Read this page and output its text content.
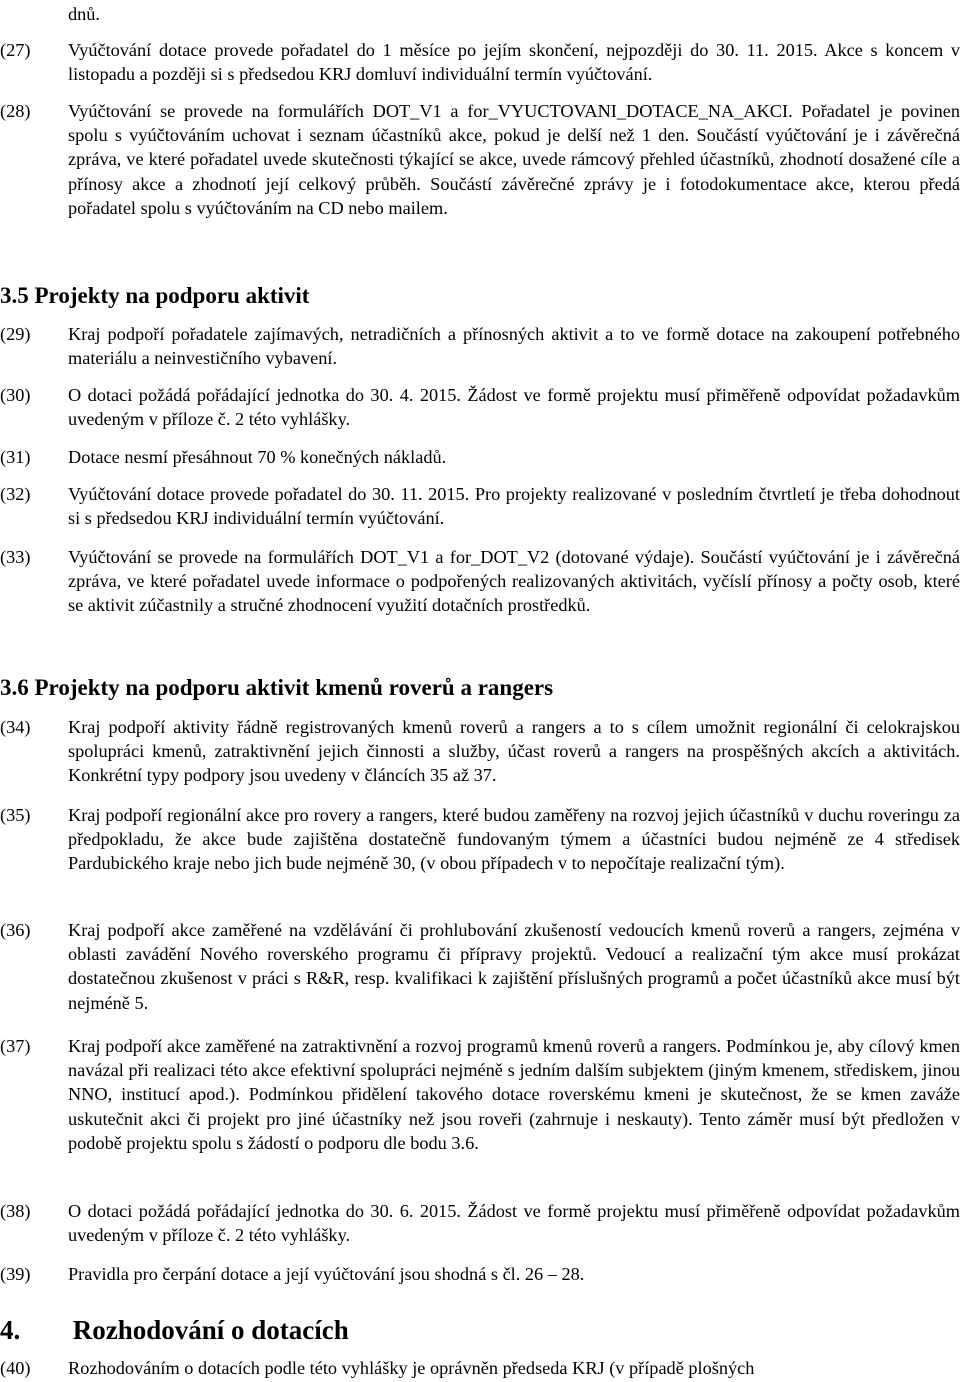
dnů.

(27) Vyúčtování dotace provede pořadatel do 1 měsíce po jejím skončení, nejpozději do 30. 11. 2015. Akce s koncem v listopadu a později si s předsedou KRJ domluví individuální termín vyúčtování.

(28) Vyúčtování se provede na formulářích DOT_V1 a for_VYUCTOVANI_DOTACE_NA_AKCI. Pořadatel je povinen spolu s vyúčtováním uchovat i seznam účastníků akce, pokud je delší než 1 den. Součástí vyúčtování je i závěrečná zpráva, ve které pořadatel uvede skutečnosti týkající se akce, uvede rámcový přehled účastníků, zhodnotí dosažené cíle a přínosy akce a zhodnotí její celkový průběh. Součástí závěrečné zprávy je i fotodokumentace akce, kterou předá pořadatel spolu s vyúčtováním na CD nebo mailem.

3.5 Projekty na podporu aktivit
(29) Kraj podpoří pořadatele zajímavých, netradičních a přínosných aktivit a to ve formě dotace na zakoupení potřebného materiálu a neinvestičního vybavení.

(30) O dotaci požádá pořádající jednotka do 30. 4. 2015. Žádost ve formě projektu musí přiměřeně odpovídat požadavkům uvedeným v příloze č. 2 této vyhlášky.

(31) Dotace nesmí přesáhnout 70 % konečných nákladů.

(32) Vyúčtování dotace provede pořadatel do 30. 11. 2015. Pro projekty realizované v posledním čtvrtletí je třeba dohodnout si s předsedou KRJ individuální termín vyúčtování.

(33) Vyúčtování se provede na formulářích DOT_V1 a for_DOT_V2 (dotované výdaje). Součástí vyúčtování je i závěrečná zpráva, ve které pořadatel uvede informace o podpořených realizovaných aktivitách, vyčíslí přínosy a počty osob, které se aktivit zúčastnily a stručné zhodnocení využití dotačních prostředků.

3.6 Projekty na podporu aktivit kmenů roverů a rangers
(34) Kraj podpoří aktivity řádně registrovaných kmenů roverů a rangers a to s cílem umožnit regionální či celokrajskou spolupráci kmenů, zatraktivnění jejich činnosti a služby, účast roverů a rangers na prospěšných akcích a aktivitách. Konkrétní typy podpory jsou uvedeny v článcích 35 až 37.

(35) Kraj podpoří regionální akce pro rovery a rangers, které budou zaměřeny na rozvoj jejich účastníků v duchu roveringu za předpokladu, že akce bude zajištěna dostatečně fundovaným týmem a účastníci budou nejméně ze 4 středisek Pardubického kraje nebo jich bude nejméně 30, (v obou případech v to nepočítaje realizační tým).

(36) Kraj podpoří akce zaměřené na vzdělávání či prohlubování zkušeností vedoucích kmenů roverů a rangers, zejména v oblasti zavádění Nového roverského programu či přípravy projektů. Vedoucí a realizační tým akce musí prokázat dostatečnou zkušenost v práci s R&R, resp. kvalifikaci k zajištění příslušných programů a počet účastníků akce musí být nejméně 5.

(37) Kraj podpoří akce zaměřené na zatraktivnění a rozvoj programů kmenů roverů a rangers. Podmínkou je, aby cílový kmen navázal při realizaci této akce efektivní spolupráci nejméně s jedním dalším subjektem (jiným kmenem, střediskem, jinou NNO, institucí apod.). Podmínkou přidělení takového dotace roverskému kmeni je skutečnost, že se kmen zaváže uskutečnit akci či projekt pro jiné účastníky než jsou roveři (zahrnuje i neskauty). Tento záměr musí být předložen v podobě projektu spolu s žádostí o podporu dle bodu 3.6.

(38) O dotaci požádá pořádající jednotka do 30. 6. 2015. Žádost ve formě projektu musí přiměřeně odpovídat požadavkům uvedeným v příloze č. 2 této vyhlášky.

(39) Pravidla pro čerpání dotace a její vyúčtování jsou shodná s čl. 26 – 28.

4. Rozhodování o dotacích
(40) Rozhodováním o dotacích podle této vyhlášky je oprávněn předseda KRJ (v případě plošných
